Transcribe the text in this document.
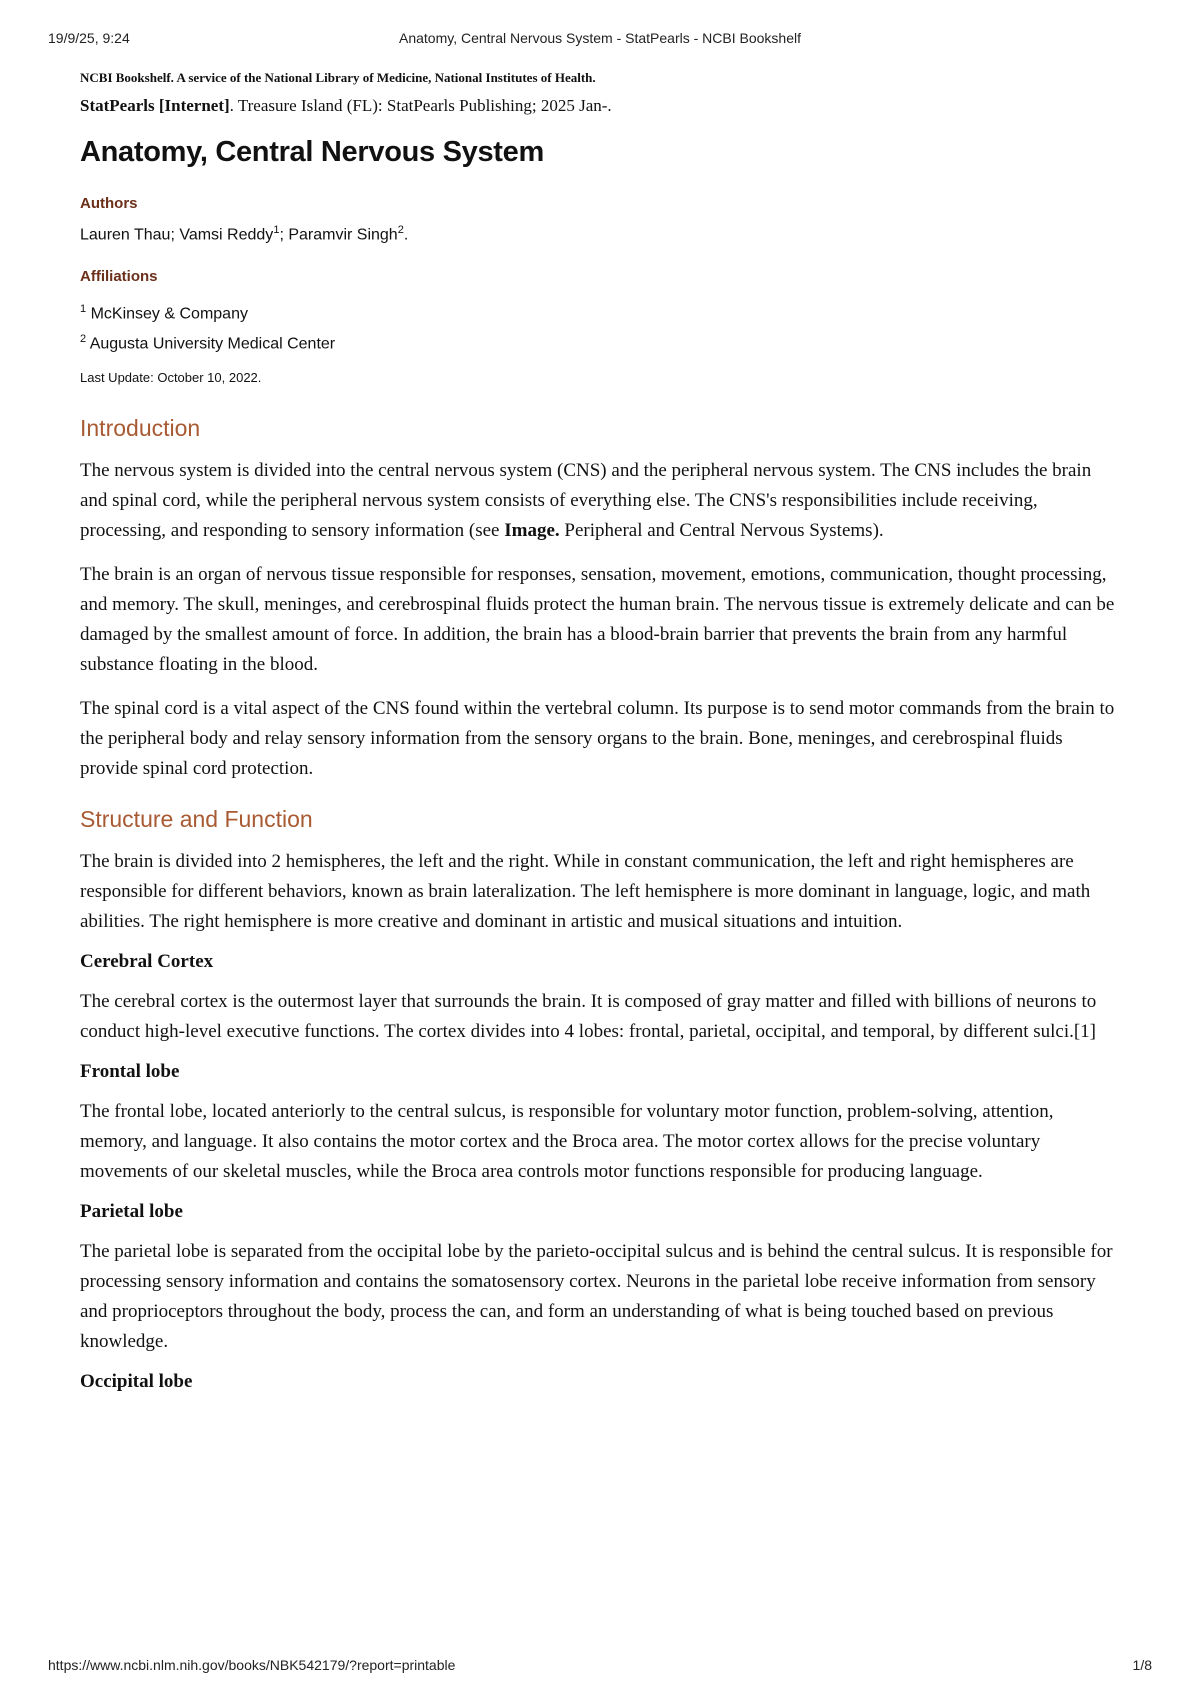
19/9/25, 9:24	Anatomy, Central Nervous System - StatPearls - NCBI Bookshelf

NCBI Bookshelf. A service of the National Library of Medicine, National Institutes of Health.

StatPearls [Internet]. Treasure Island (FL): StatPearls Publishing; 2025 Jan-.

Anatomy, Central Nervous System
Authors

Lauren Thau; Vamsi Reddy$^1$; Paramvir Singh$^2$.

Affiliations

$^1$ McKinsey & Company

$^2$ Augusta University Medical Center

Last Update: October 10, 2022.

Introduction

The nervous system is divided into the central nervous system (CNS) and the peripheral nervous system. The CNS includes the brain and spinal cord, while the peripheral nervous system consists of everything else. The CNS's responsibilities include receiving, processing, and responding to sensory information (see Image. Peripheral and Central Nervous Systems).

The brain is an organ of nervous tissue responsible for responses, sensation, movement, emotions, communication, thought processing, and memory. The skull, meninges, and cerebrospinal fluids protect the human brain. The nervous tissue is extremely delicate and can be damaged by the smallest amount of force. In addition, the brain has a blood-brain barrier that prevents the brain from any harmful substance floating in the blood.

The spinal cord is a vital aspect of the CNS found within the vertebral column. Its purpose is to send motor commands from the brain to the peripheral body and relay sensory information from the sensory organs to the brain. Bone, meninges, and cerebrospinal fluids provide spinal cord protection.

Structure and Function

The brain is divided into 2 hemispheres, the left and the right. While in constant communication, the left and right hemispheres are responsible for different behaviors, known as brain lateralization. The left hemisphere is more dominant in language, logic, and math abilities. The right hemisphere is more creative and dominant in artistic and musical situations and intuition.

Cerebral Cortex

The cerebral cortex is the outermost layer that surrounds the brain. It is composed of gray matter and filled with billions of neurons to conduct high-level executive functions. The cortex divides into 4 lobes: frontal, parietal, occipital, and temporal, by different sulci.[1]

Frontal lobe

The frontal lobe, located anteriorly to the central sulcus, is responsible for voluntary motor function, problem-solving, attention, memory, and language. It also contains the motor cortex and the Broca area. The motor cortex allows for the precise voluntary movements of our skeletal muscles, while the Broca area controls motor functions responsible for producing language.

Parietal lobe

The parietal lobe is separated from the occipital lobe by the parieto-occipital sulcus and is behind the central sulcus. It is responsible for processing sensory information and contains the somatosensory cortex. Neurons in the parietal lobe receive information from sensory and proprioceptors throughout the body, process the can, and form an understanding of what is being touched based on previous knowledge.

Occipital lobe
https://www.ncbi.nlm.nih.gov/books/NBK542179/?report=printable	1/8
